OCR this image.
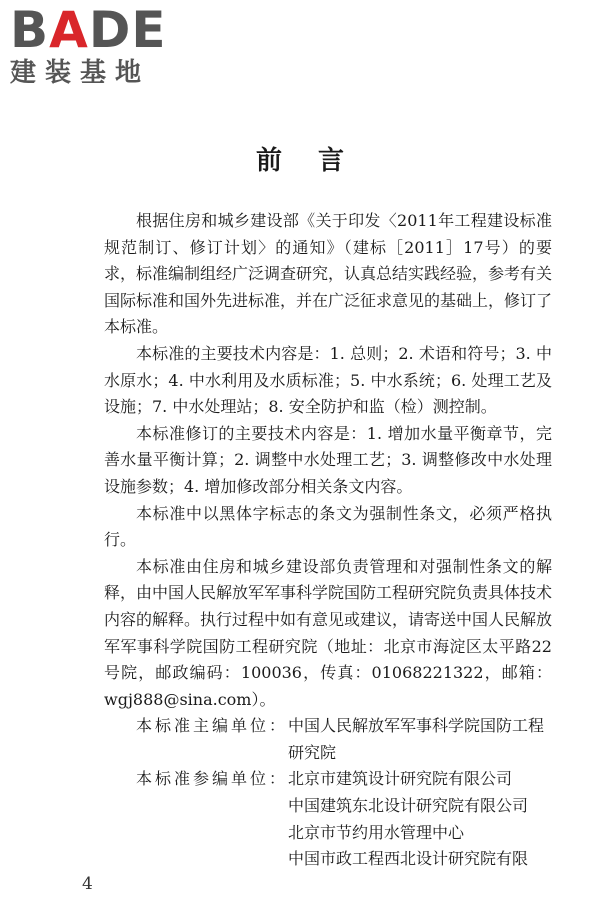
B A DE
建装基地
前言

根据住房和城乡建设部《关于印发〈2011年工程建设标准规范制订、修订计划〉的通知》（建标［2011］17号）的要求，标准编制组经广泛调查研究，认真总结实践经验，参考有关国际标准和国外先进标准，并在广泛征求意见的基础上，修订了本标准。

本标准的主要技术内容是：1. 总则；2. 术语和符号；3. 中水原水；4. 中水利用及水质标准；5. 中水系统；6. 处理工艺及设施；7. 中水处理站；8. 安全防护和监（检）测控制。

本标准修订的主要技术内容是：1. 增加水量平衡章节，完善水量平衡计算；2. 调整中水处理工艺；3. 调整修改中水处理设施参数；4. 增加修改部分相关条文内容。

本标准中以黑体字标志的条文为强制性条文，必须严格执行。

本标准由住房和城乡建设部负责管理和对强制性条文的解释，由中国人民解放军军事科学院国防工程研究院负责具体技术内容的解释。执行过程中如有意见或建议，请寄送中国人民解放军军事科学院国防工程研究院（地址：北京市海淀区太平路22号院，邮政编码：100036，传真：01068221322，邮箱：wgj888@sina.com）。

本标准主编单位： 中国人民解放军军事科学院国防工程
研究院
本标准参编单位： 北京市建筑设计研究院有限公司
中国建筑东北设计研究院有限公司
北京市节约用水管理中心
中国市政工程西北设计研究院有限
4
